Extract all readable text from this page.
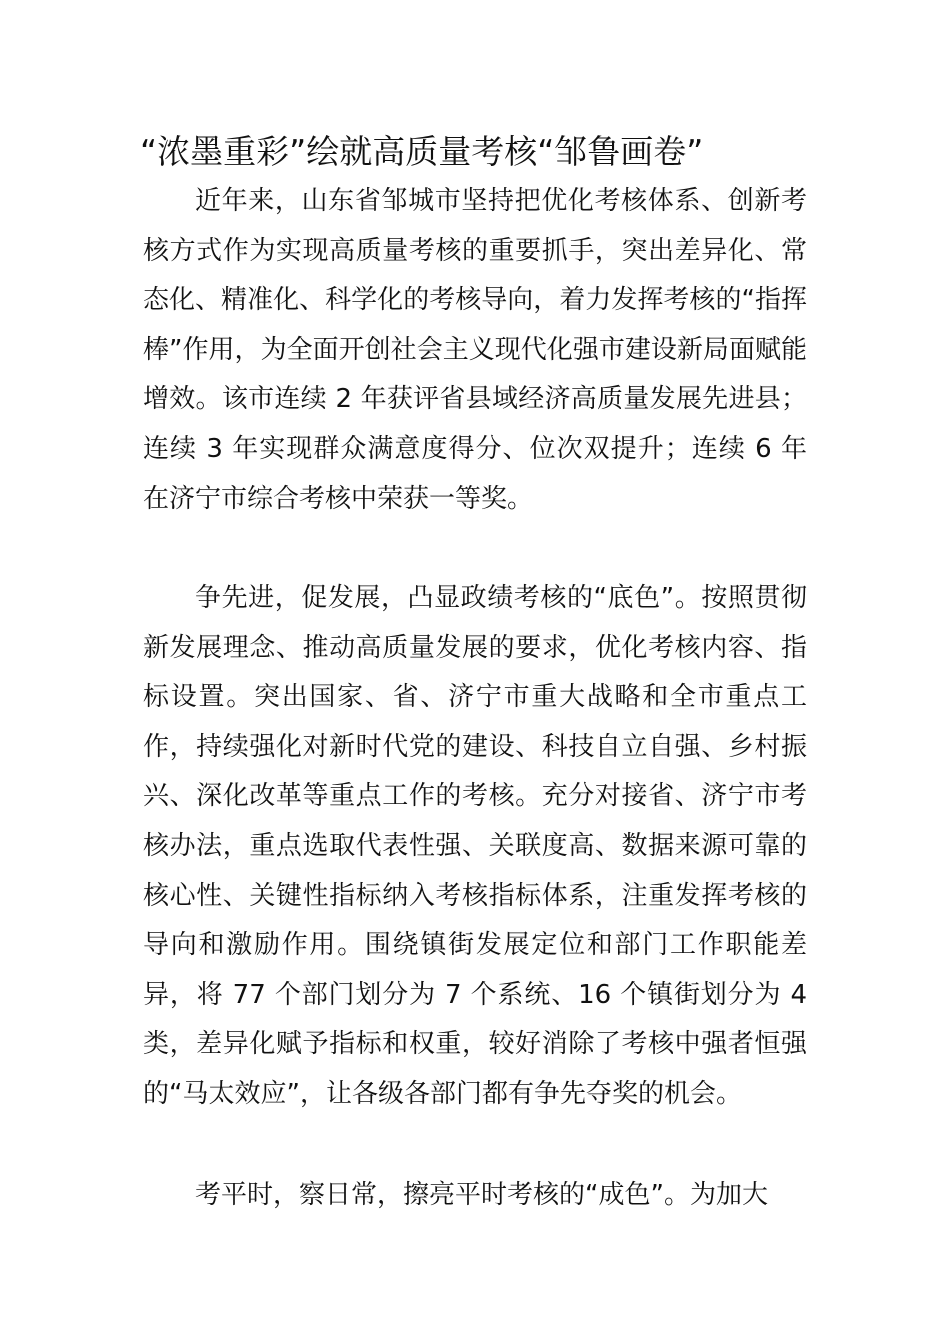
“浓墨重彩”绘就高质量考核“邹鲁画卷”

近年来，山东省邹城市坚持把优化考核体系、创新考核方式作为实现高质量考核的重要抓手，突出差异化、常态化、精准化、科学化的考核导向，着力发挥考核的“指挥棒”作用，为全面开创社会主义现代化强市建设新局面赋能增效。该市连续 2 年获评省县域经济高质量发展先进县；连续 3 年实现群众满意度得分、位次双提升；连续 6 年在济宁市综合考核中荣获一等奖。

争先进，促发展，凸显政绩考核的“底色”。按照贯彻新发展理念、推动高质量发展的要求，优化考核内容、指标设置。突出国家、省、济宁市重大战略和全市重点工作，持续强化对新时代党的建设、科技自立自强、乡村振兴、深化改革等重点工作的考核。充分对接省、济宁市考核办法，重点选取代表性强、关联度高、数据来源可靠的核心性、关键性指标纳入考核指标体系，注重发挥考核的导向和激励作用。围绕镇街发展定位和部门工作职能差异，将 77 个部门划分为 7 个系统、16 个镇街划分为 4 类，差异化赋予指标和权重，较好消除了考核中强者恒强的“马太效应”，让各级各部门都有争先夺奖的机会。

考平时，察日常，擦亮平时考核的“成色”。为加大
